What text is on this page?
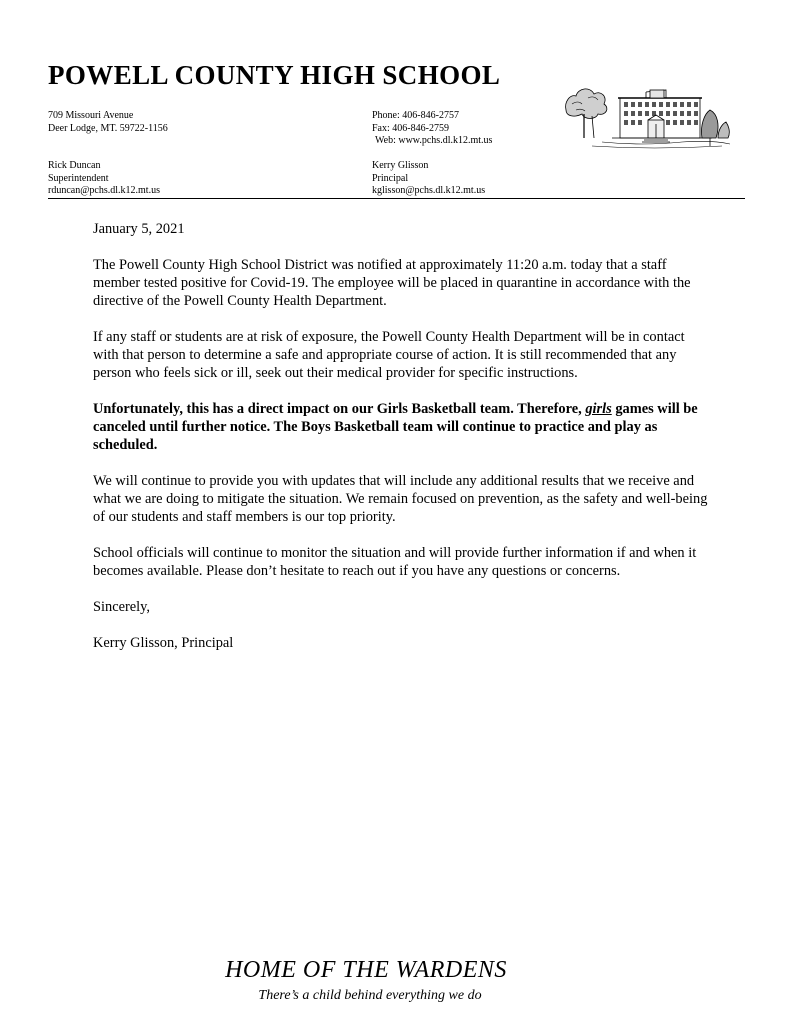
POWELL COUNTY HIGH SCHOOL
709 Missouri Avenue
Deer Lodge, MT. 59722-1156
Phone: 406-846-2757
Fax: 406-846-2759
Web: www.pchs.dl.k12.mt.us
Rick Duncan
Superintendent
rduncan@pchs.dl.k12.mt.us
Kerry Glisson
Principal
kglisson@pchs.dl.k12.mt.us

January 5, 2021

The Powell County High School District was notified at approximately 11:20 a.m. today that a staff member tested positive for Covid-19. The employee will be placed in quarantine in accordance with the directive of the Powell County Health Department.

If any staff or students are at risk of exposure, the Powell County Health Department will be in contact with that person to determine a safe and appropriate course of action. It is still recommended that any person who feels sick or ill, seek out their medical provider for specific instructions.

Unfortunately, this has a direct impact on our Girls Basketball team. Therefore, girls games will be canceled until further notice. The Boys Basketball team will continue to practice and play as scheduled.

We will continue to provide you with updates that will include any additional results that we receive and what we are doing to mitigate the situation. We remain focused on prevention, as the safety and well-being of our students and staff members is our top priority.

School officials will continue to monitor the situation and will provide further information if and when it becomes available. Please don’t hesitate to reach out if you have any questions or concerns.

Sincerely,

Kerry Glisson, Principal

HOME OF THE WARDENS
There’s a child behind everything we do
